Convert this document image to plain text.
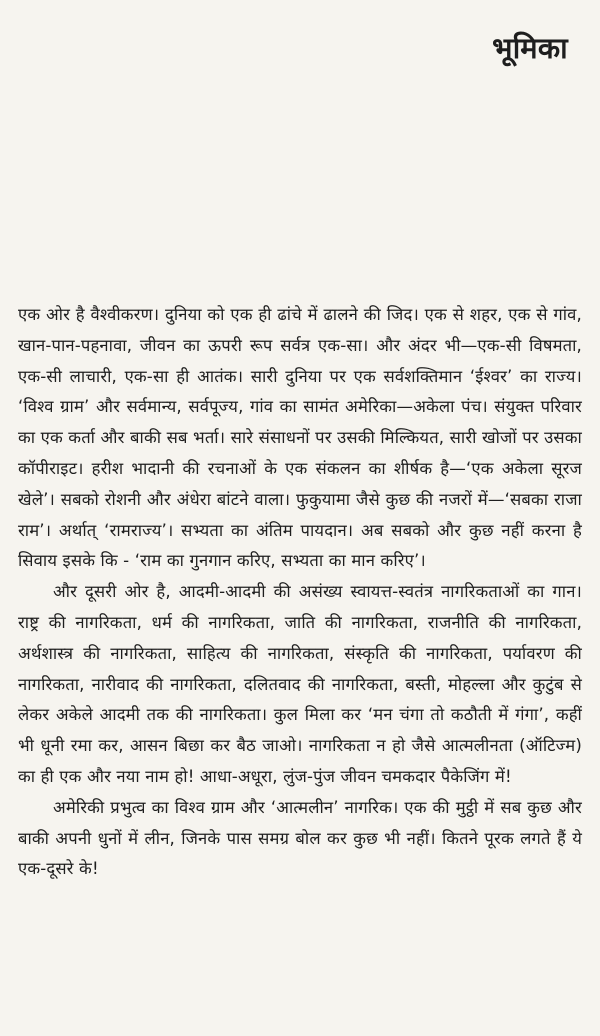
भूमिका

एक ओर है वैश्वीकरण। दुनिया को एक ही ढांचे में ढालने की जिद। एक से शहर, एक से गांव, खान-पान-पहनावा, जीवन का ऊपरी रूप सर्वत्र एक-सा। और अंदर भी—एक-सी विषमता, एक-सी लाचारी, एक-सा ही आतंक। सारी दुनिया पर एक सर्वशक्तिमान ‘ईश्वर’ का राज्य। ‘विश्व ग्राम’ और सर्वमान्य, सर्वपूज्य, गांव का सामंत अमेरिका—अकेला पंच। संयुक्त परिवार का एक कर्ता और बाकी सब भर्ता। सारे संसाधनों पर उसकी मिल्कियत, सारी खोजों पर उसका कॉपीराइट। हरीश भादानी की रचनाओं के एक संकलन का शीर्षक है—‘एक अकेला सूरज खेले’। सबको रोशनी और अंधेरा बांटने वाला। फुकुयामा जैसे कुछ की नजरों में—‘सबका राजा राम’। अर्थात् ‘रामराज्य’। सभ्यता का अंतिम पायदान। अब सबको और कुछ नहीं करना है सिवाय इसके कि - ‘राम का गुनगान करिए, सभ्यता का मान करिए’।

और दूसरी ओर है, आदमी-आदमी की असंख्य स्वायत्त-स्वतंत्र नागरिकताओं का गान। राष्ट्र की नागरिकता, धर्म की नागरिकता, जाति की नागरिकता, राजनीति की नागरिकता, अर्थशास्त्र की नागरिकता, साहित्य की नागरिकता, संस्कृति की नागरिकता, पर्यावरण की नागरिकता, नारीवाद की नागरिकता, दलितवाद की नागरिकता, बस्ती, मोहल्ला और कुटुंब से लेकर अकेले आदमी तक की नागरिकता। कुल मिला कर ‘मन चंगा तो कठौती में गंगा’, कहीं भी धूनी रमा कर, आसन बिछा कर बैठ जाओ। नागरिकता न हो जैसे आत्मलीनता (ऑटिज्म) का ही एक और नया नाम हो! आधा-अधूरा, लुंज-पुंज जीवन चमकदार पैकेजिंग में!

अमेरिकी प्रभुत्व का विश्व ग्राम और ‘आत्मलीन’ नागरिक। एक की मुट्ठी में सब कुछ और बाकी अपनी धुनों में लीन, जिनके पास समग्र बोल कर कुछ भी नहीं। कितने पूरक लगते हैं ये एक-दूसरे के!
